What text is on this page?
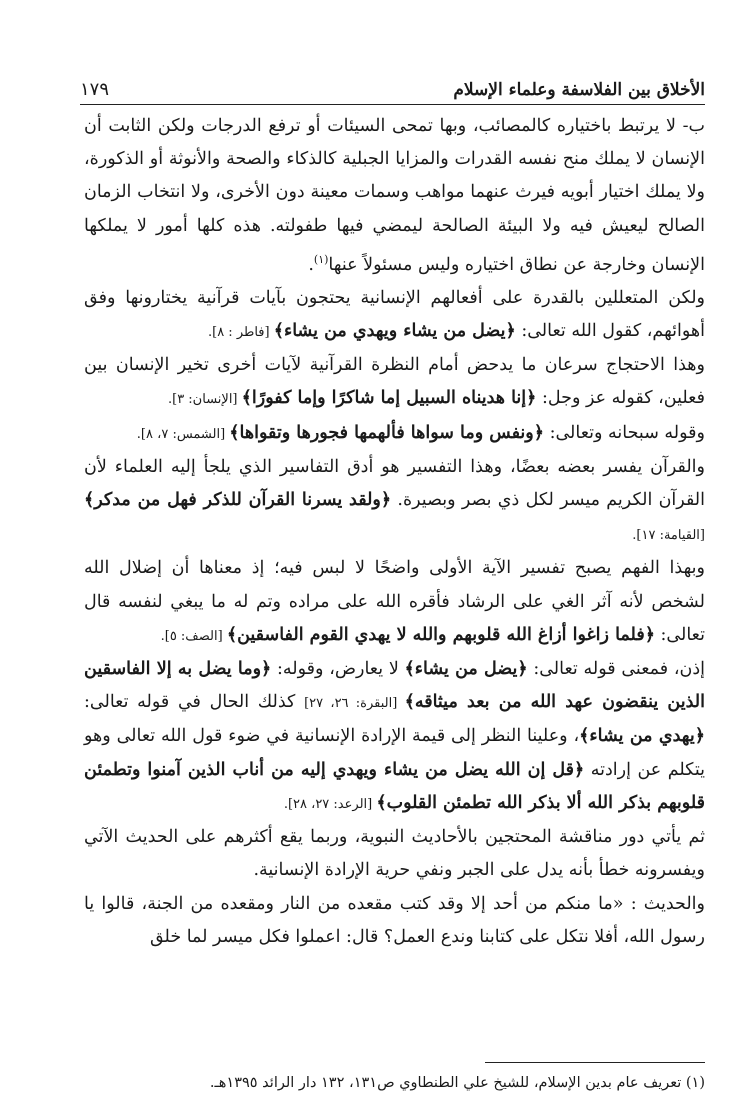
الأخلاق بين الفلاسفة وعلماء الإسلام
١٧٩

ب- لا يرتبط باختياره كالمصائب، وبها تمحى السيئات أو ترفع الدرجات ولكن الثابت أن الإنسان لا يملك منح نفسه القدرات والمزايا الجبلية كالذكاء والصحة والأنوثة أو الذكورة، ولا يملك اختيار أبويه فيرث عنهما مواهب وسمات معينة دون الأخرى، ولا انتخاب الزمان الصالح ليعيش فيه ولا البيئة الصالحة ليمضي فيها طفولته. هذه كلها أمور لا يملكها الإنسان وخارجة عن نطاق اختياره وليس مسئولاً عنها$^{(١)}$.

ولكن المتعللين بالقدرة على أفعالهم الإنسانية يحتجون بآيات قرآنية يختارونها وفق أهوائهم، كقول الله تعالى: ﴿يضل من يشاء ويهدي من يشاء﴾ [فاطر : ٨].

وهذا الاحتجاج سرعان ما يدحض أمام النظرة القرآنية لآيات أخرى تخير الإنسان بين فعلين، كقوله عز وجل: ﴿إنا هديناه السبيل إما شاكرًا وإما كفورًا﴾ [الإنسان: ٣].

وقوله سبحانه وتعالى: ﴿ونفس وما سواها فألهمها فجورها وتقواها﴾ [الشمس: ٧، ٨].

والقرآن يفسر بعضه بعضًا، وهذا التفسير هو أدق التفاسير الذي يلجأ إليه العلماء لأن القرآن الكريم ميسر لكل ذي بصر وبصيرة. ﴿ولقد يسرنا القرآن للذكر فهل من مدكر﴾ [القيامة: ١٧].

وبهذا الفهم يصبح تفسير الآية الأولى واضحًا لا لبس فيه؛ إذ معناها أن إضلال الله لشخص لأنه آثر الغي على الرشاد فأقره الله على مراده وتم له ما يبغي لنفسه قال تعالى: ﴿فلما زاغوا أزاغ الله قلوبهم والله لا يهدي القوم الفاسقين﴾ [الصف: ٥].

إذن، فمعنى قوله تعالى: ﴿يضل من يشاء﴾ لا يعارض، وقوله: ﴿وما يضل به إلا الفاسقين الذين ينقضون عهد الله من بعد ميثاقه﴾ [البقرة: ٢٦، ٢٧] كذلك الحال في قوله تعالى: ﴿يهدي من يشاء﴾، وعلينا النظر إلى قيمة الإرادة الإنسانية في ضوء قول الله تعالى وهو يتكلم عن إرادته ﴿قل إن الله يضل من يشاء ويهدي إليه من أناب الذين آمنوا وتطمئن قلوبهم بذكر الله ألا بذكر الله تطمئن القلوب﴾ [الرعد: ٢٧، ٢٨].

ثم يأتي دور مناقشة المحتجين بالأحاديث النبوية، وربما يقع أكثرهم على الحديث الآتي ويفسرونه خطأ بأنه يدل على الجبر ونفي حرية الإرادة الإنسانية.

والحديث : «ما منكم من أحد إلا وقد كتب مقعده من النار ومقعده من الجنة، قالوا يا رسول الله، أفلا نتكل على كتابنا وندع العمل؟ قال: اعملوا فكل ميسر لما خلق

(١) تعريف عام بدين الإسلام، للشيخ علي الطنطاوي ص١٣١، ١٣٢ دار الرائد ١٣٩٥هـ.
